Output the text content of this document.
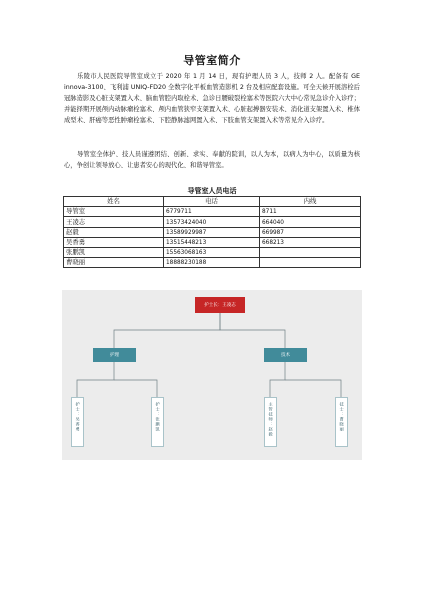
导管室简介

乐陵市人民医院导管室成立于 2020 年 1 月 14 日，现有护理人员 3 人，技师 2 人。配备有 GE innova-3100、飞利浦 UNIQ-FD20 全数字化平板血管造影机 2 台及相应配套设施。可全天候开展溶栓后冠脉造影及心脏支架置入术、脑血管腔内取栓术、急诊日腰破裂栓塞术等医院六大中心常见急诊介入诊疗；并能择期开展颅内动脉瘤栓塞术、颅内血管狭窄支架置入术、心脏起搏器安装术、消化道支架置入术、椎体成型术、肝癌等恶性肿瘤栓塞术、下腔静脉滤网置入术、下肢血管支架置入术等常见介入诊疗。

导管室全体护、技人员谨遵团结、创新、求实、奉献的院训，以人为本，以病人为中心，以质量为核心，争创让领导放心、让患者安心的现代化、和谐导管室。

导管室人员电话
姓名	电话	内线
导管室	6779711	8711
王凌志	13573424040	664040
赵毅	13589929987	669987
吴香勇	13515448213	668213
张鹏凯	15563068163	
曹晓丽	18888230188	
护士长：王凌志
护理	技术
护士：吴香勇	护士：张鹏凯	主管技师：赵毅	技士：曹晓丽
